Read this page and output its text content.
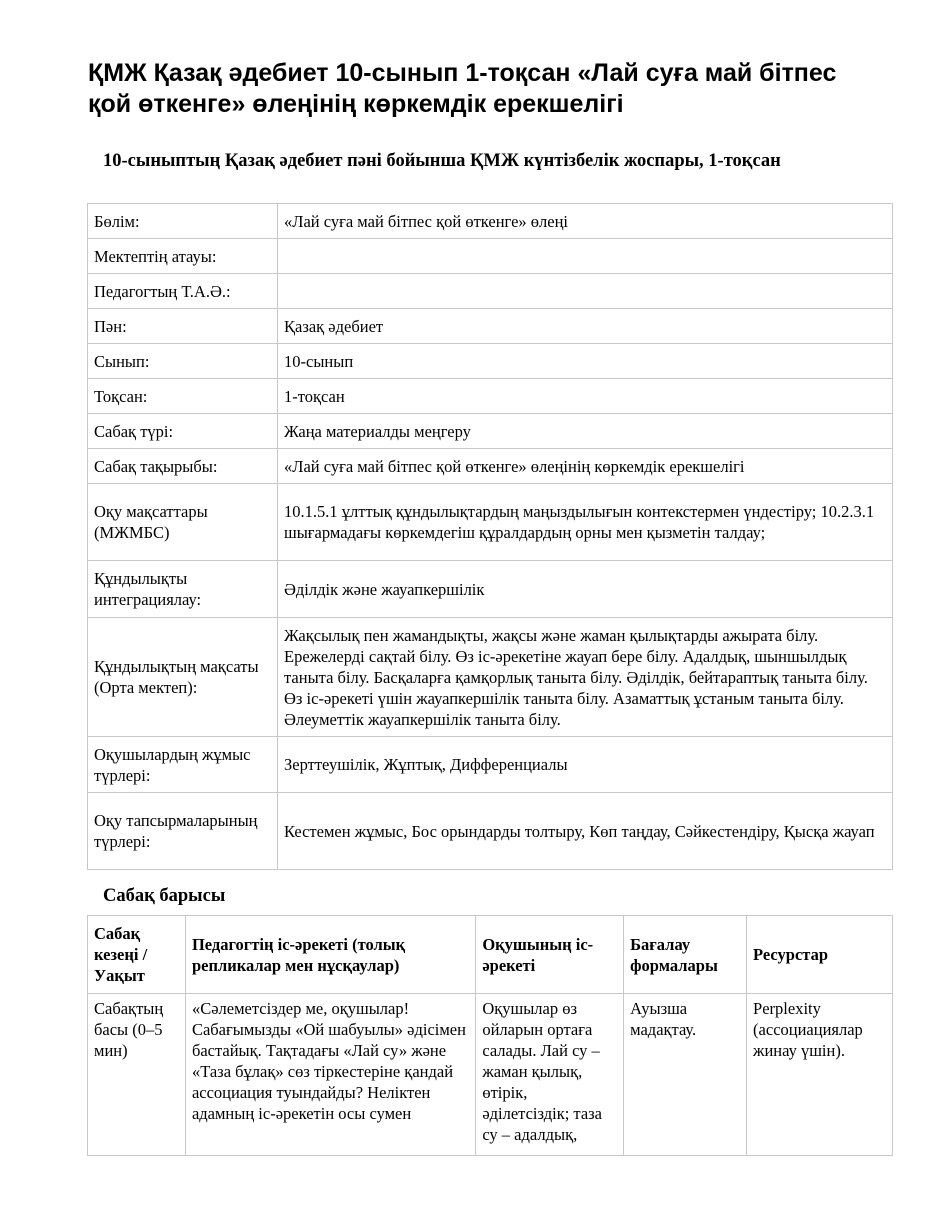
ҚМЖ Қазақ әдебиет 10-сынып 1-тоқсан «Лай суға май бітпес қой өткенге» өлеңінің көркемдік ерекшелігі

10-сыныптың Қазақ әдебиет пәні бойынша ҚМЖ күнтізбелік жоспары, 1-тоқсан

Бөлім:	«Лай суға май бітпес қой өткенге» өлеңі
Мектептің атауы:	
Педагогтың Т.А.Ә.:	
Пән:	Қазақ әдебиет
Сынып:	10-сынып
Тоқсан:	1-тоқсан
Сабақ түрі:	Жаңа материалды меңгеру
Сабақ тақырыбы:	«Лай суға май бітпес қой өткенге» өлеңінің көркемдік ерекшелігі
Оқу мақсаттары (МЖМБС)	10.1.5.1 ұлттық құндылықтардың маңыздылығын контекстермен үндестіру; 10.2.3.1 шығармадағы көркемдегіш құралдардың орны мен қызметін талдау;
Құндылықты интеграциялау:	Әділдік және жауапкершілік
Құндылықтың мақсаты (Орта мектеп):	Жақсылық пен жамандықты, жақсы және жаман қылықтарды ажырата білу. Ережелерді сақтай білу. Өз іс-әрекетіне жауап бере білу. Адалдық, шыншылдық таныта білу. Басқаларға қамқорлық таныта білу. Әділдік, бейтараптық таныта білу. Өз іс-әрекеті үшін жауапкершілік таныта білу. Азаматтық ұстаным таныта білу. Әлеуметтік жауапкершілік таныта білу.
Оқушылардың жұмыс түрлері:	Зерттеушілік, Жұптық, Дифференциалы
Оқу тапсырмаларының түрлері:	Кестемен жұмыс, Бос орындарды толтыру, Көп таңдау, Сәйкестендіру, Қысқа жауап

Сабақ барысы

Сабақ кезеңі / Уақыт	Педагогтің іс-әрекеті (толық репликалар мен нұсқаулар)	Оқушының іс-әрекеті	Бағалау формалары	Ресурстар
Сабақтың басы (0–5 мин)	«Сәлеметсіздер ме, оқушылар! Сабағымызды «Ой шабуылы» әдісімен бастайық. Тақтадағы «Лай су» және «Таза бұлақ» сөз тіркестеріне қандай ассоциация туындайды? Неліктен адамның іс-әрекетін осы сумен	Оқушылар өз ойларын ортаға салады. Лай су – жаман қылық, өтірік, әділетсіздік; таза су – адалдық,	Ауызша мадақтау.	Perplexity (ассоциациялар жинау үшін).
